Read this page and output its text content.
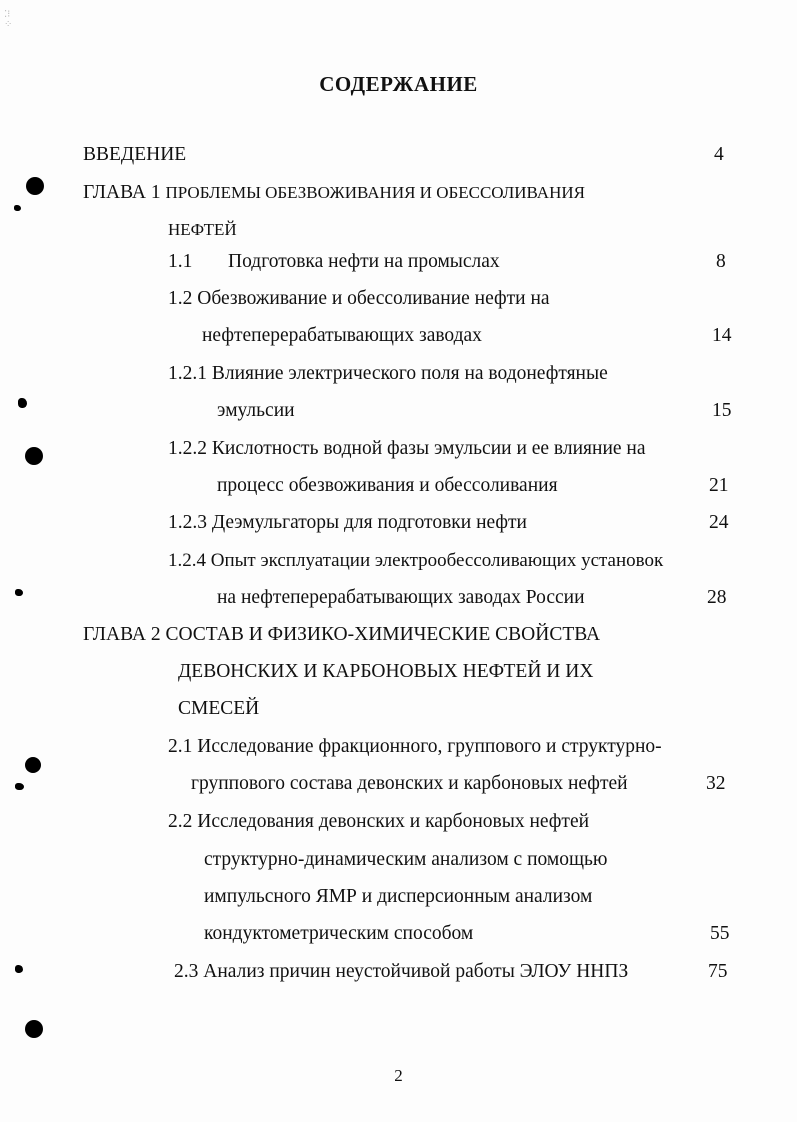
⁚⁝
⁘
СОДЕРЖАНИЕ
ВВЕДЕНИЕ	4
ГЛАВА 1 ПРОБЛЕМЫ ОБЕЗВОЖИВАНИЯ И ОБЕССОЛИВАНИЯ
НЕФТЕЙ
1.1 Подготовка нефти на промыслах	8
1.2 Обезвоживание и обессоливание нефти на
нефтеперерабатывающих заводах	14
1.2.1 Влияние электрического поля на водонефтяные
эмульсии	15
1.2.2 Кислотность водной фазы эмульсии и ее влияние на
процесс обезвоживания и обессоливания	21
1.2.3 Деэмульгаторы для подготовки нефти	24
1.2.4 Опыт эксплуатации электрообессоливающих установок
на нефтеперерабатывающих заводах России	28
ГЛАВА 2 СОСТАВ И ФИЗИКО-ХИМИЧЕСКИЕ СВОЙСТВА
ДЕВОНСКИХ И КАРБОНОВЫХ НЕФТЕЙ И ИХ
СМЕСЕЙ
2.1 Исследование фракционного, группового и структурно-
группового состава девонских и карбоновых нефтей	32
2.2 Исследования девонских и карбоновых нефтей
структурно-динамическим анализом с помощью
импульсного ЯМР и дисперсионным анализом
кондуктометрическим способом	55
2.3 Анализ причин неустойчивой работы ЭЛОУ ННПЗ	75
2
